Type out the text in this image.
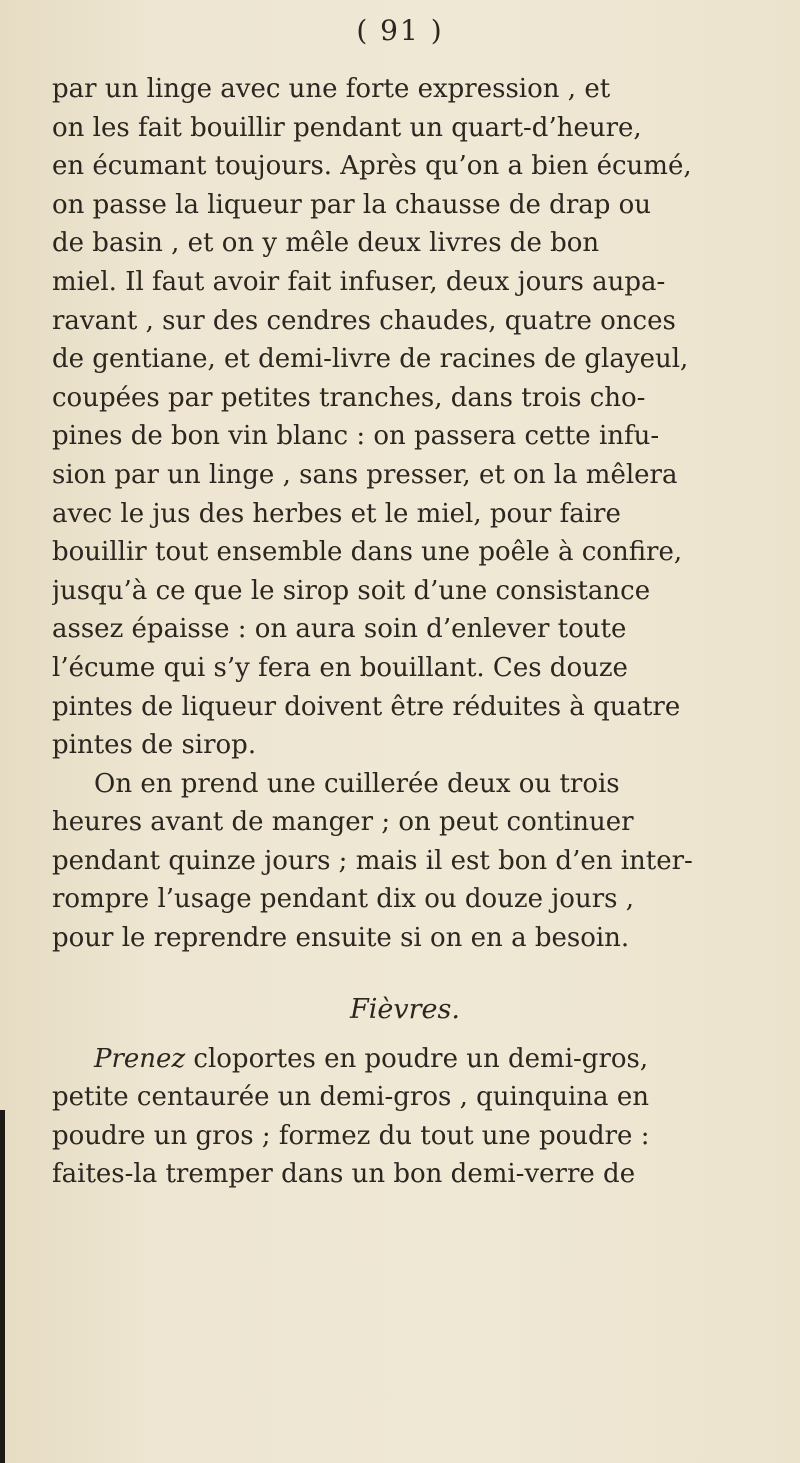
( 91 )
par un linge avec une forte expression , et
on les fait bouillir pendant un quart-d’heure,
en écumant toujours. Après qu’on a bien écumé,
on passe la liqueur par la chausse de drap ou
de basin , et on y mêle deux livres de bon
miel. Il faut avoir fait infuser, deux jours aupa-
ravant , sur des cendres chaudes, quatre onces
de gentiane, et demi-livre de racines de glayeul,
coupées par petites tranches, dans trois cho-
pines de bon vin blanc : on passera cette infu-
sion par un linge , sans presser, et on la mêlera
avec le jus des herbes et le miel, pour faire
bouillir tout ensemble dans une poêle à confire,
jusqu’à ce que le sirop soit d’une consistance
assez épaisse : on aura soin d’enlever toute
l’écume qui s’y fera en bouillant. Ces douze
pintes de liqueur doivent être réduites à quatre
pintes de sirop.
On en prend une cuillerée deux ou trois
heures avant de manger ; on peut continuer
pendant quinze jours ; mais il est bon d’en inter-
rompre l’usage pendant dix ou douze jours ,
pour le reprendre ensuite si on en a besoin.
Fièvres.
Prenez cloportes en poudre un demi-gros,
petite centaurée un demi-gros , quinquina en
poudre un gros ; formez du tout une poudre :
faites-la tremper dans un bon demi-verre de
